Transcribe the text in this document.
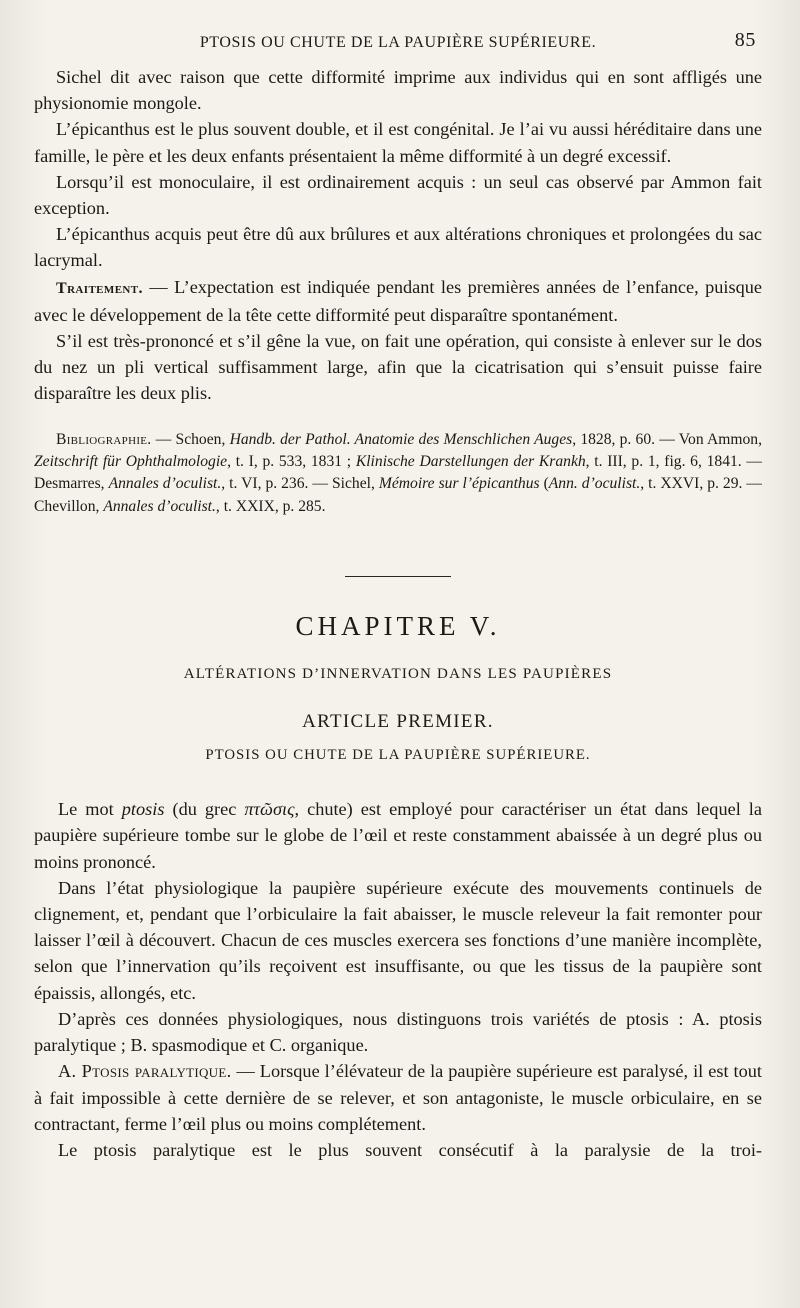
PTOSIS OU CHUTE DE LA PAUPIÈRE SUPÉRIEURE.	85

Sichel dit avec raison que cette difformité imprime aux individus qui en sont affligés une physionomie mongole.

L’épicanthus est le plus souvent double, et il est congénital. Je l’ai vu aussi héréditaire dans une famille, le père et les deux enfants présentaient la même difformité à un degré excessif.

Lorsqu’il est monoculaire, il est ordinairement acquis : un seul cas observé par Ammon fait exception.

L’épicanthus acquis peut être dû aux brûlures et aux altérations chroniques et prolongées du sac lacrymal.

Traitement. — L’expectation est indiquée pendant les premières années de l’enfance, puisque avec le développement de la tête cette difformité peut disparaître spontanément.

S’il est très-prononcé et s’il gêne la vue, on fait une opération, qui consiste à enlever sur le dos du nez un pli vertical suffisamment large, afin que la cicatrisation qui s’ensuit puisse faire disparaître les deux plis.

Bibliographie. — Schoen, Handb. der Pathol. Anatomie des Menschlichen Auges, 1828, p. 60. — Von Ammon, Zeitschrift für Ophthalmologie, t. I, p. 533, 1831 ; Klinische Darstellungen der Krankh, t. III, p. 1, fig. 6, 1841. — Desmarres, Annales d’oculist., t. VI, p. 236. — Sichel, Mémoire sur l’épicanthus (Ann. d’oculist., t. XXVI, p. 29. — Chevillon, Annales d’oculist., t. XXIX, p. 285.
CHAPITRE V.
ALTÉRATIONS D’INNERVATION DANS LES PAUPIÈRES
ARTICLE PREMIER.
PTOSIS OU CHUTE DE LA PAUPIÈRE SUPÉRIEURE.

Le mot ptosis (du grec πτῶσις, chute) est employé pour caractériser un état dans lequel la paupière supérieure tombe sur le globe de l’œil et reste constamment abaissée à un degré plus ou moins prononcé.

Dans l’état physiologique la paupière supérieure exécute des mouvements continuels de clignement, et, pendant que l’orbiculaire la fait abaisser, le muscle releveur la fait remonter pour laisser l’œil à découvert. Chacun de ces muscles exercera ses fonctions d’une manière incomplète, selon que l’innervation qu’ils reçoivent est insuffisante, ou que les tissus de la paupière sont épaissis, allongés, etc.

D’après ces données physiologiques, nous distinguons trois variétés de ptosis : A. ptosis paralytique ; B. spasmodique et C. organique.

A. Ptosis paralytique. — Lorsque l’élévateur de la paupière supérieure est paralysé, il est tout à fait impossible à cette dernière de se relever, et son antagoniste, le muscle orbiculaire, en se contractant, ferme l’œil plus ou moins complétement.

Le ptosis paralytique est le plus souvent consécutif à la paralysie de la troi-
